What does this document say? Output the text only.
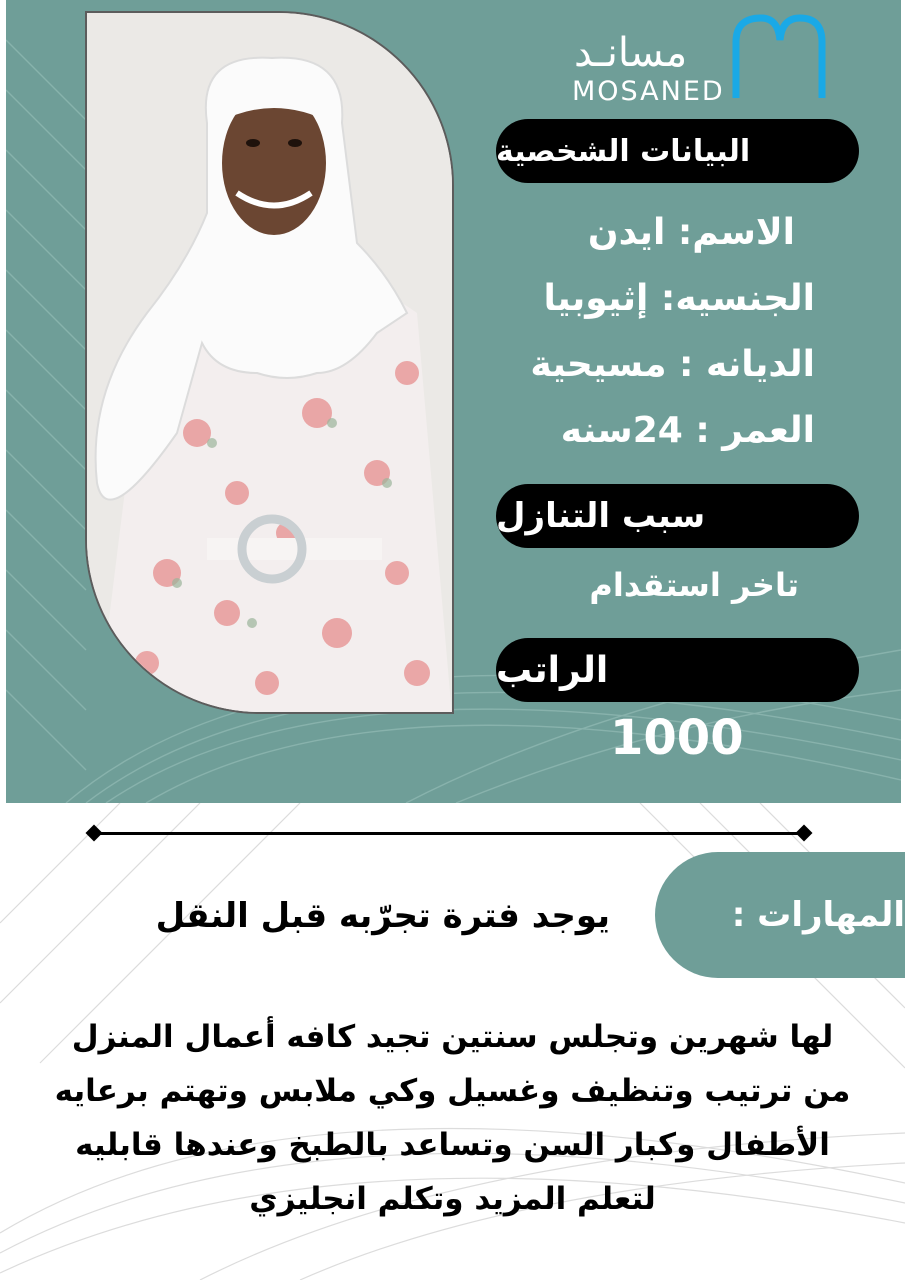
مسانـد
MOSANED
البيانات الشخصية
الاسم: ايدن
الجنسيه: إثيوبيا
الديانه : مسيحية
العمر : 24سنه
سبب التنازل
تاخر استقدام
الراتب
1000
المهارات :
يوجد فترة تجرّبه قبل النقل
لها شهرين وتجلس سنتين تجيد كافه أعمال المنزل
من ترتيب وتنظيف وغسيل وكي ملابس وتهتم برعايه
الأطفال وكبار السن وتساعد بالطبخ وعندها قابليه
لتعلم المزيد وتكلم انجليزي
